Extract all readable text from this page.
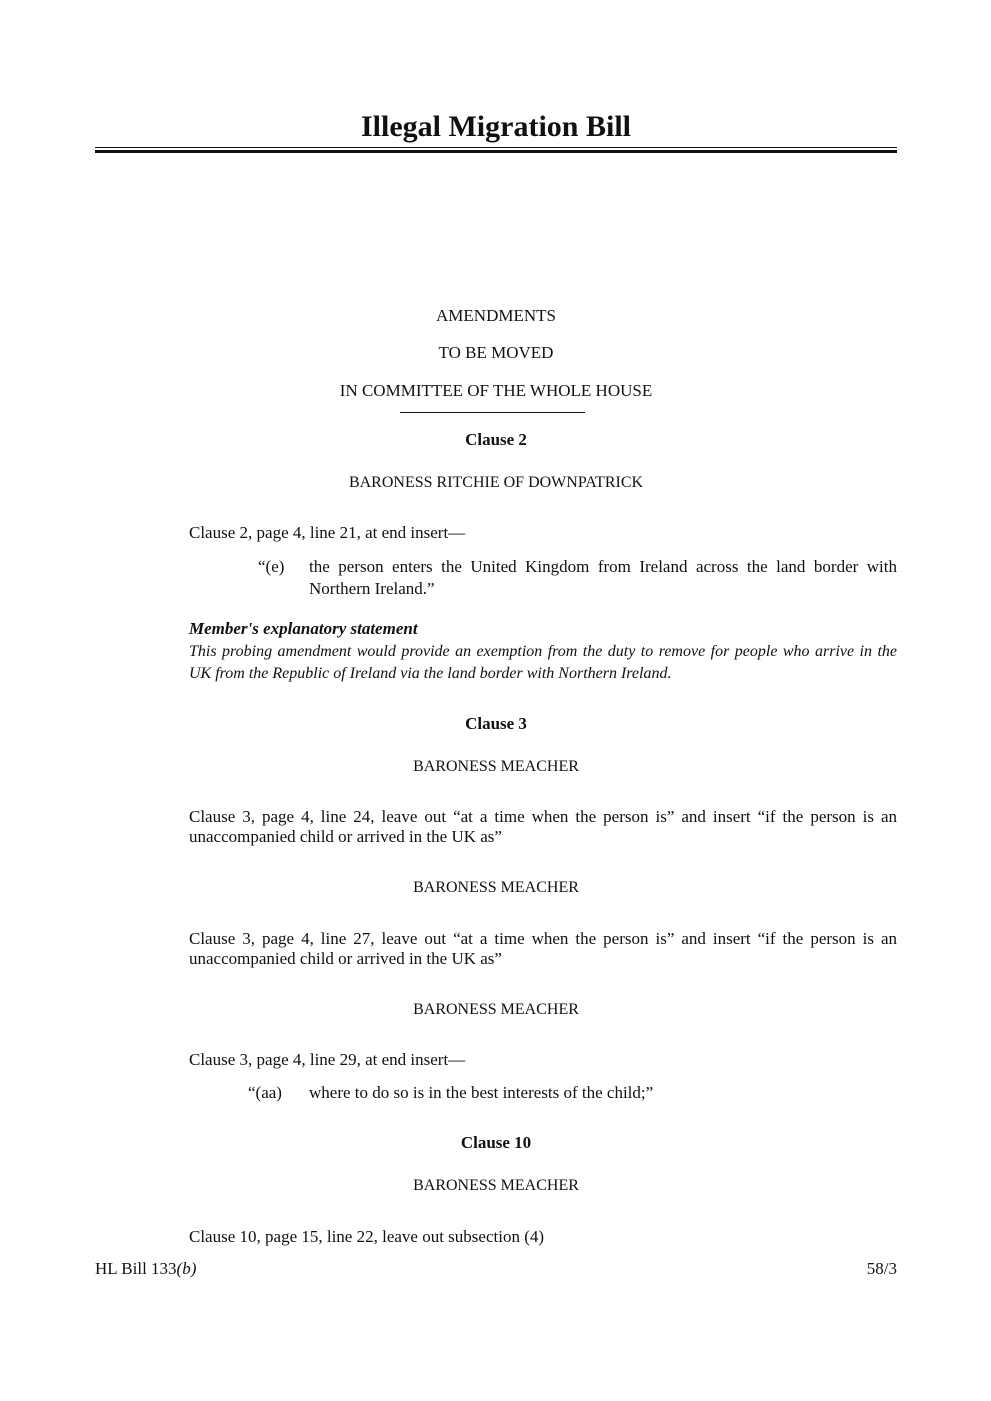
Illegal Migration Bill
AMENDMENTS
TO BE MOVED
IN COMMITTEE OF THE WHOLE HOUSE
Clause 2
BARONESS RITCHIE OF DOWNPATRICK
Clause 2, page 4, line 21, at end insert—
“(e) the person enters the United Kingdom from Ireland across the land border with Northern Ireland.”
Member's explanatory statement
This probing amendment would provide an exemption from the duty to remove for people who arrive in the UK from the Republic of Ireland via the land border with Northern Ireland.
Clause 3
BARONESS MEACHER
Clause 3, page 4, line 24, leave out “at a time when the person is” and insert “if the person is an unaccompanied child or arrived in the UK as”
BARONESS MEACHER
Clause 3, page 4, line 27, leave out “at a time when the person is” and insert “if the person is an unaccompanied child or arrived in the UK as”
BARONESS MEACHER
Clause 3, page 4, line 29, at end insert—
“(aa) where to do so is in the best interests of the child;”
Clause 10
BARONESS MEACHER
Clause 10, page 15, line 22, leave out subsection (4)
HL Bill 133(b)	58/3
